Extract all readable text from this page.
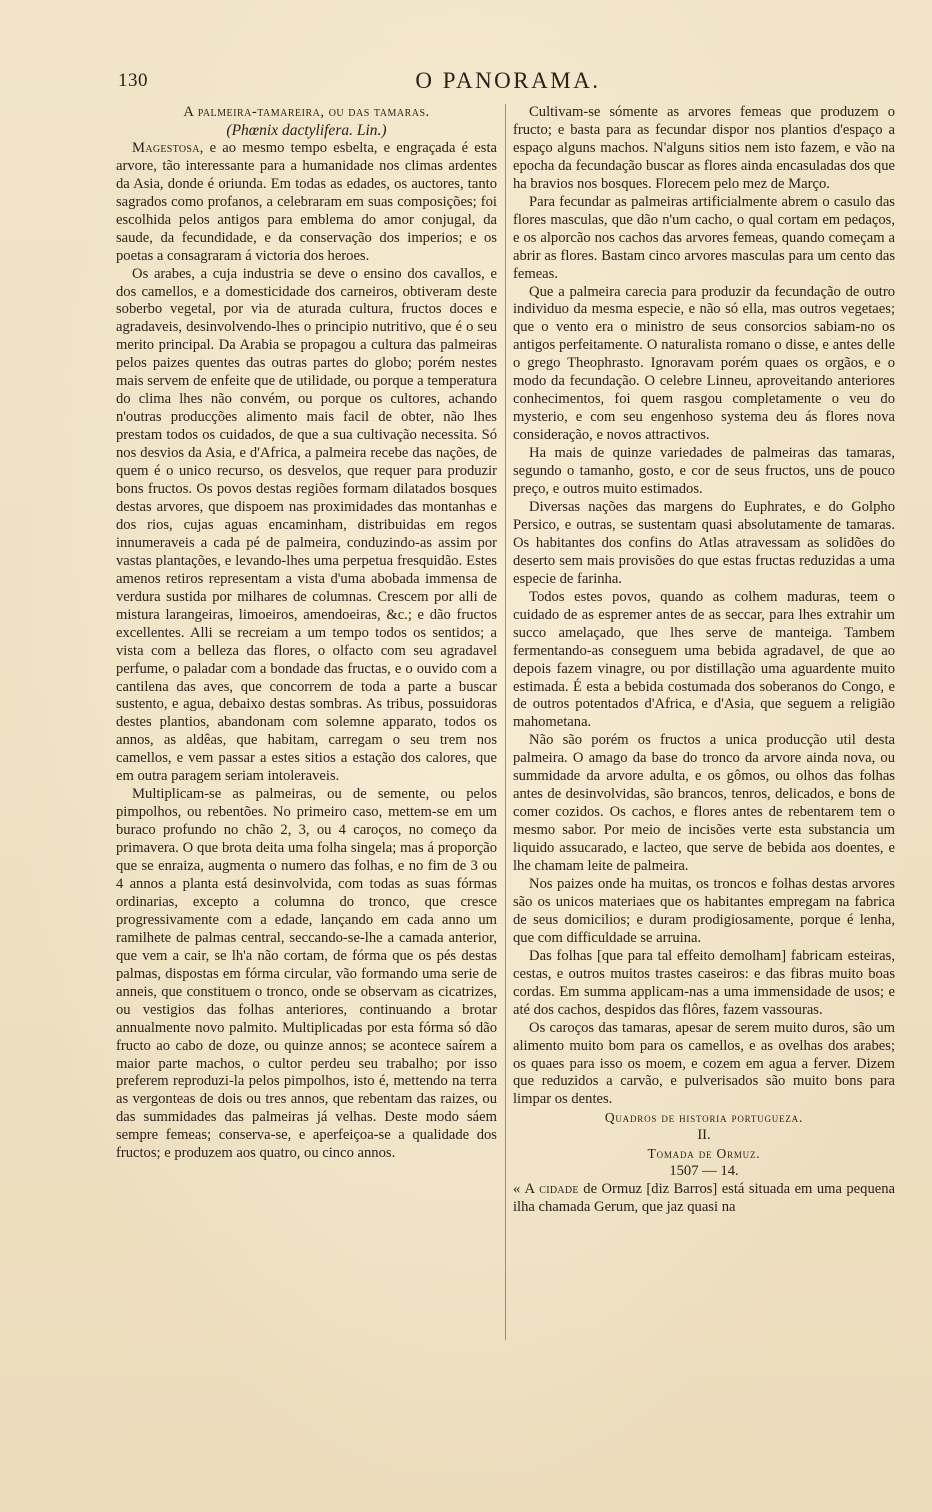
130	O PANORAMA.

A palmeira-tamareira, ou das tamaras.

(Phœnix dactylifera. Lin.)

Magestosa, e ao mesmo tempo esbelta, e engraçada é esta arvore, tão interessante para a humanidade nos climas ardentes da Asia, donde é oriunda. Em todas as edades, os auctores, tanto sagrados como profanos, a celebraram em suas composições; foi escolhida pelos antigos para emblema do amor conjugal, da saude, da fecundidade, e da conservação dos imperios; e os poetas a consagraram á victoria dos heroes.

Os arabes, a cuja industria se deve o ensino dos cavallos, e dos camellos, e a domesticidade dos carneiros, obtiveram deste soberbo vegetal, por via de aturada cultura, fructos doces e agradaveis, desinvolvendo-lhes o principio nutritivo, que é o seu merito principal. Da Arabia se propagou a cultura das palmeiras pelos paizes quentes das outras partes do globo; porém nestes mais servem de enfeite que de utilidade, ou porque a temperatura do clima lhes não convém, ou porque os cultores, achando n'outras producções alimento mais facil de obter, não lhes prestam todos os cuidados, de que a sua cultivação necessita. Só nos desvios da Asia, e d'Africa, a palmeira recebe das nações, de quem é o unico recurso, os desvelos, que requer para produzir bons fructos. Os povos destas regiões formam dilatados bosques destas arvores, que dispoem nas proximidades das montanhas e dos rios, cujas aguas encaminham, distribuidas em regos innumeraveis a cada pé de palmeira, conduzindo-as assim por vastas plantações, e levando-lhes uma perpetua fresquidão. Estes amenos retiros representam a vista d'uma abobada immensa de verdura sustida por milhares de columnas. Crescem por alli de mistura larangeiras, limoeiros, amendoeiras, &c.; e dão fructos excellentes. Alli se recreiam a um tempo todos os sentidos; a vista com a belleza das flores, o olfacto com seu agradavel perfume, o paladar com a bondade das fructas, e o ouvido com a cantilena das aves, que concorrem de toda a parte a buscar sustento, e agua, debaixo destas sombras. As tribus, possuidoras destes plantios, abandonam com solemne apparato, todos os annos, as aldêas, que habitam, carregam o seu trem nos camellos, e vem passar a estes sitios a estação dos calores, que em outra paragem seriam intoleraveis.

Multiplicam-se as palmeiras, ou de semente, ou pelos pimpolhos, ou rebentões. No primeiro caso, mettem-se em um buraco profundo no chão 2, 3, ou 4 caroços, no começo da primavera. O que brota deita uma folha singela; mas á proporção que se enraiza, augmenta o numero das folhas, e no fim de 3 ou 4 annos a planta está desinvolvida, com todas as suas fórmas ordinarias, excepto a columna do tronco, que cresce progressivamente com a edade, lançando em cada anno um ramilhete de palmas central, seccando-se-lhe a camada anterior, que vem a cair, se lh'a não cortam, de fórma que os pés destas palmas, dispostas em fórma circular, vão formando uma serie de anneis, que constituem o tronco, onde se observam as cicatrizes, ou vestigios das folhas anteriores, continuando a brotar annualmente novo palmito. Multiplicadas por esta fórma só dão fructo ao cabo de doze, ou quinze annos; se acontece saírem a maior parte machos, o cultor perdeu seu trabalho; por isso preferem reproduzi-la pelos pimpolhos, isto é, mettendo na terra as vergonteas de dois ou tres annos, que rebentam das raizes, ou das summidades das palmeiras já velhas. Deste modo sáem sempre femeas; conserva-se, e aperfeiçoa-se a qualidade dos fructos; e produzem aos quatro, ou cinco annos.

Cultivam-se sómente as arvores femeas que produzem o fructo; e basta para as fecundar dispor nos plantios d'espaço a espaço alguns machos. N'alguns sitios nem isto fazem, e vão na epocha da fecundação buscar as flores ainda encasuladas dos que ha bravios nos bosques. Florecem pelo mez de Março.

Para fecundar as palmeiras artificialmente abrem o casulo das flores masculas, que dão n'um cacho, o qual cortam em pedaços, e os alporcão nos cachos das arvores femeas, quando começam a abrir as flores. Bastam cinco arvores masculas para um cento das femeas.

Que a palmeira carecia para produzir da fecundação de outro individuo da mesma especie, e não só ella, mas outros vegetaes; que o vento era o ministro de seus consorcios sabiam-no os antigos perfeitamente. O naturalista romano o disse, e antes delle o grego Theophrasto. Ignoravam porém quaes os orgãos, e o modo da fecundação. O celebre Linneu, aproveitando anteriores conhecimentos, foi quem rasgou completamente o veu do mysterio, e com seu engenhoso systema deu ás flores nova consideração, e novos attractivos.

Ha mais de quinze variedades de palmeiras das tamaras, segundo o tamanho, gosto, e cor de seus fructos, uns de pouco preço, e outros muito estimados.

Diversas nações das margens do Euphrates, e do Golpho Persico, e outras, se sustentam quasi absolutamente de tamaras. Os habitantes dos confins do Atlas atravessam as solidões do deserto sem mais provisões do que estas fructas reduzidas a uma especie de farinha.

Todos estes povos, quando as colhem maduras, teem o cuidado de as espremer antes de as seccar, para lhes extrahir um succo amelaçado, que lhes serve de manteiga. Tambem fermentando-as conseguem uma bebida agradavel, de que ao depois fazem vinagre, ou por distillação uma aguardente muito estimada. É esta a bebida costumada dos soberanos do Congo, e de outros potentados d'Africa, e d'Asia, que seguem a religião mahometana.

Não são porém os fructos a unica producção util desta palmeira. O amago da base do tronco da arvore ainda nova, ou summidade da arvore adulta, e os gômos, ou olhos das folhas antes de desinvolvidas, são brancos, tenros, delicados, e bons de comer cozidos. Os cachos, e flores antes de rebentarem tem o mesmo sabor. Por meio de incisões verte esta substancia um liquido assucarado, e lacteo, que serve de bebida aos doentes, e lhe chamam leite de palmeira.

Nos paizes onde ha muitas, os troncos e folhas destas arvores são os unicos materiaes que os habitantes empregam na fabrica de seus domicilios; e duram prodigiosamente, porque é lenha, que com difficuldade se arruina.

Das folhas [que para tal effeito demolham] fabricam esteiras, cestas, e outros muitos trastes caseiros: e das fibras muito boas cordas. Em summa applicam-nas a uma immensidade de usos; e até dos cachos, despidos das flôres, fazem vassouras.

Os caroços das tamaras, apesar de serem muito duros, são um alimento muito bom para os camellos, e as ovelhas dos arabes; os quaes para isso os moem, e cozem em agua a ferver. Dizem que reduzidos a carvão, e pulverisados são muito bons para limpar os dentes.

Quadros de historia portugueza.

II.

Tomada de Ormuz.

1507 — 14.

« A cidade de Ormuz [diz Barros] está situada em uma pequena ilha chamada Gerum, que jaz quasi na
